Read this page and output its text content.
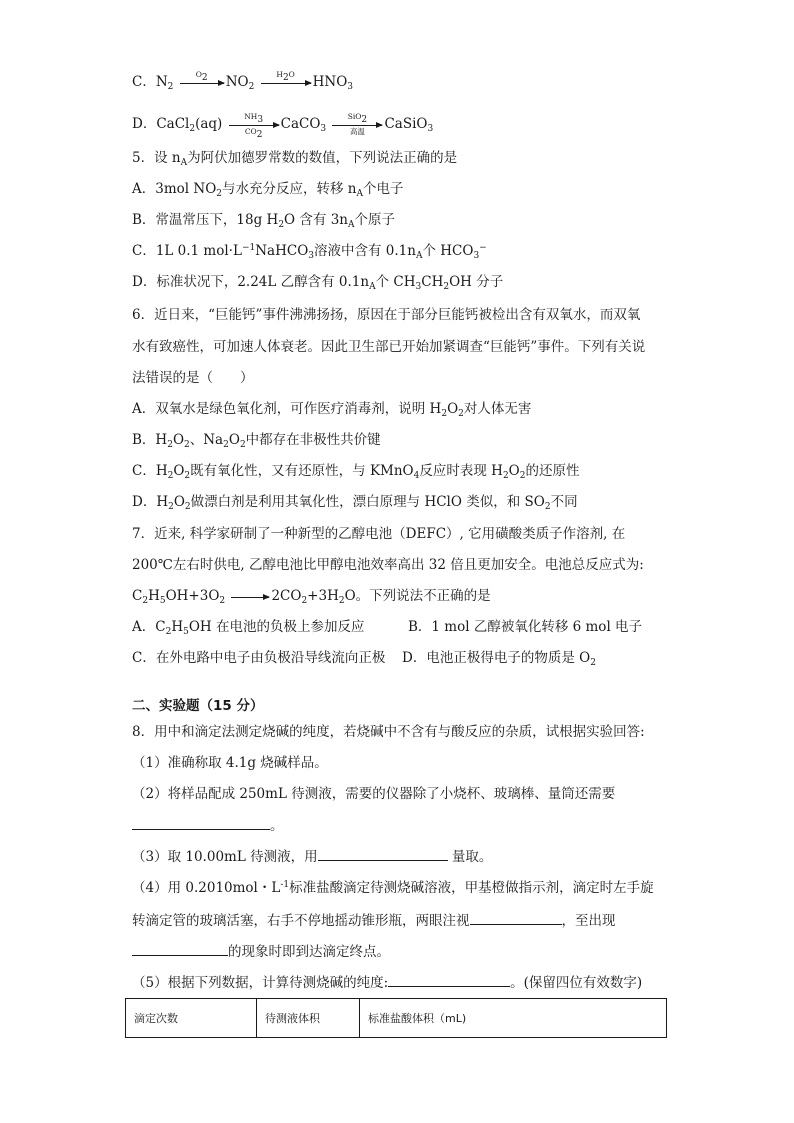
C．$N_2$
$O_2$	$NO_2$
$H_2O$	$HNO_3$
D．CaCl$_2$(aq) $\frac{NH_3}{CO_2}$ CaCO$_3$
SiO$_2$
高温	CaSiO$_3$
5．设 $n_A$为阿伏加德罗常数的数值，下列说法正确的是
A．3mol $NO_2$与水充分反应，转移 $n_A$个电子
B．常温常压下，18g $H_2O$ 含有 $3n_A$个原子
C．1L 0.1 $mol\cdot L^{-1}NaHCO_3$溶液中含有 $0.1n_A$个 $HCO_3^-$
D．标准状况下，2.24L 乙醇含有 $0.1n_A$个 $CH_3CH_2OH$ 分子
6．近日来，“巨能钙”事件沸沸扬扬，原因在于部分巨能钙被检出含有双氧水，而双氧
水有致癌性，可加速人体衰老。因此卫生部已开始加紧调查“巨能钙”事件。下列有关说
法错误的是（　　）
A．双氧水是绿色氧化剂，可作医疗消毒剂，说明 $H_2O_2$对人体无害
B．$H_2O_2$、$Na_2O_2$中都存在非极性共价键
C．$H_2O_2$既有氧化性，又有还原性，与 KMnO$_4$反应时表现 $H_2O_2$的还原性
D．$H_2O_2$做漂白剂是利用其氧化性，漂白原理与 HClO 类似，和 $SO_2$不同
7．近来, 科学家研制了一种新型的乙醇电池（DEFC）, 它用磺酸类质子作溶剂, 在
200℃左右时供电, 乙醇电池比甲醇电池效率高出 32 倍且更加安全。电池总反应式为:
$C_2H_5OH+3O_2 \to 2CO_2+3H_2O$。下列说法不正确的是
A．$C_2H_5OH$ 在电池的负极上参加反应	B．1 mol 乙醇被氧化转移 6 mol 电子
C．在外电路中电子由负极沿导线流向正极 D．电池正极得电子的物质是 $O_2$
二、实验题（15 分）
8．用中和滴定法测定烧碱的纯度，若烧碱中不含有与酸反应的杂质，试根据实验回答:
（1）准确称取 4.1g 烧碱样品。
（2）将样品配成 250mL 待测液，需要的仪器除了小烧杯、玻璃棒、量筒还需要
。
（3）取 10.00mL 待测液，用	量取。
（4）用 0.2010mol・$L^{-1}$标准盐酸滴定待测烧碱溶液，甲基橙做指示剂，滴定时左手旋
转滴定管的玻璃活塞，右手不停地摇动锥形瓶，两眼注视	，至出现
的现象时即到达滴定终点。
（5）根据下列数据，计算待测烧碱的纯度:	。(保留四位有效数字)
滴定次数	待测液体积	标准盐酸体积（mL)
